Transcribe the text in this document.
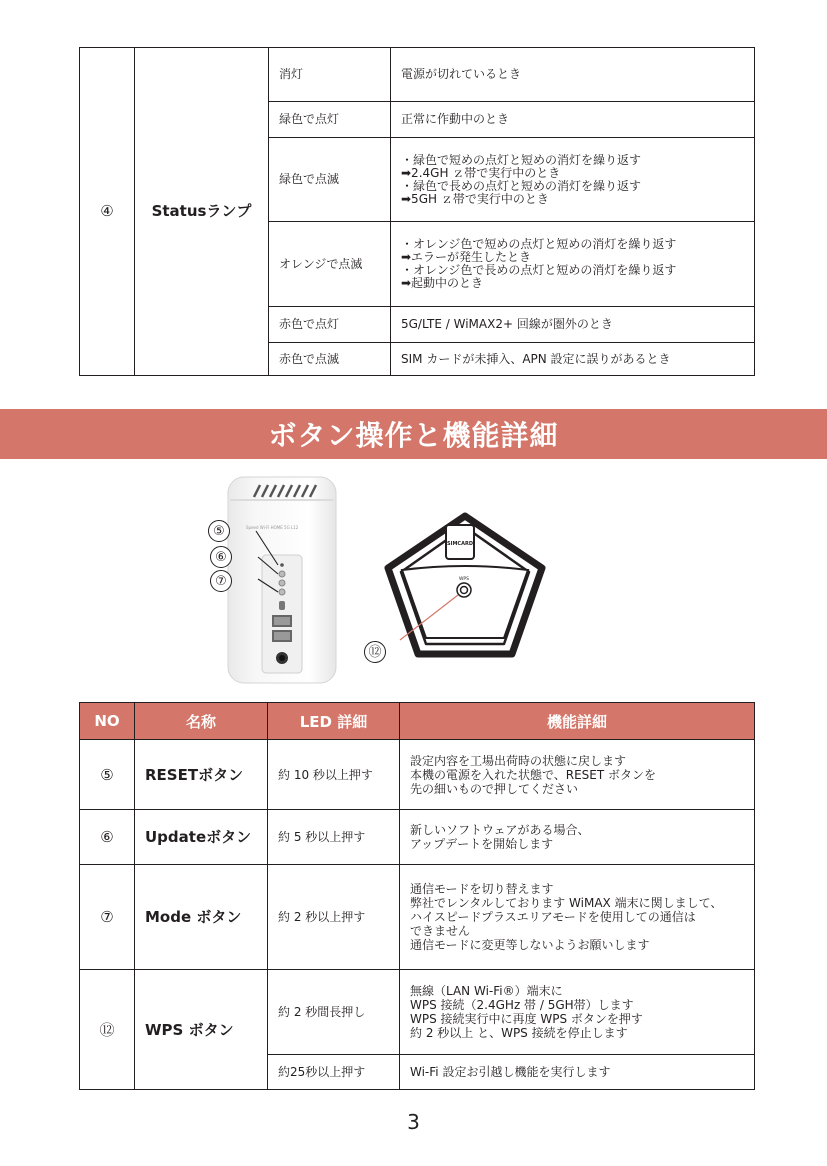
④	Statusランプ	消灯	電源が切れているとき

		緑色で点灯	正常に作動中のとき

		緑色で点滅	・緑色で短めの点灯と短めの消灯を繰り返す
➡2.4GH ｚ帯で実行中のとき
・緑色で長めの点灯と短めの消灯を繰り返す
➡5GH ｚ帯で実行中のとき

		オレンジで点滅	・オレンジ色で短めの点灯と短めの消灯を繰り返す
➡エラーが発生したとき
・オレンジ色で長めの点灯と短めの消灯を繰り返す
➡起動中のとき

		赤色で点灯	5G/LTE / WiMAX2+ 回線が圏外のとき

		赤色で点滅	SIM カードが未挿入、APN 設定に誤りがあるとき
ボタン操作と機能詳細
Speed Wi-Fi HOME 5G L12
SIMCARD
WPS
⑤
⑥
⑦
⑫
NO	名称	LED 詳細	機能詳細
⑤	RESETボタン	約 10 秒以上押す	設定内容を工場出荷時の状態に戻します
本機の電源を入れた状態で、RESET ボタンを
先の細いもので押してください

⑥	Updateボタン	約 5 秒以上押す	新しいソフトウェアがある場合、
アップデートを開始します

⑦	Mode ボタン	約 2 秒以上押す	通信モードを切り替えます
弊社でレンタルしております WiMAX 端末に関しまして、
ハイスピードプラスエリアモードを使用しての通信は
できません
通信モードに変更等しないようお願いします

⑫	WPS ボタン	約 2 秒間長押し	無線（LAN Wi-Fi®）端末に
WPS 接続（2.4GHz 帯 / 5GH帯）します
WPS 接続実行中に再度 WPS ボタンを押す
約 2 秒以上 と、WPS 接続を停止します

		約25秒以上押す	Wi-Fi 設定お引越し機能を実行します
3
